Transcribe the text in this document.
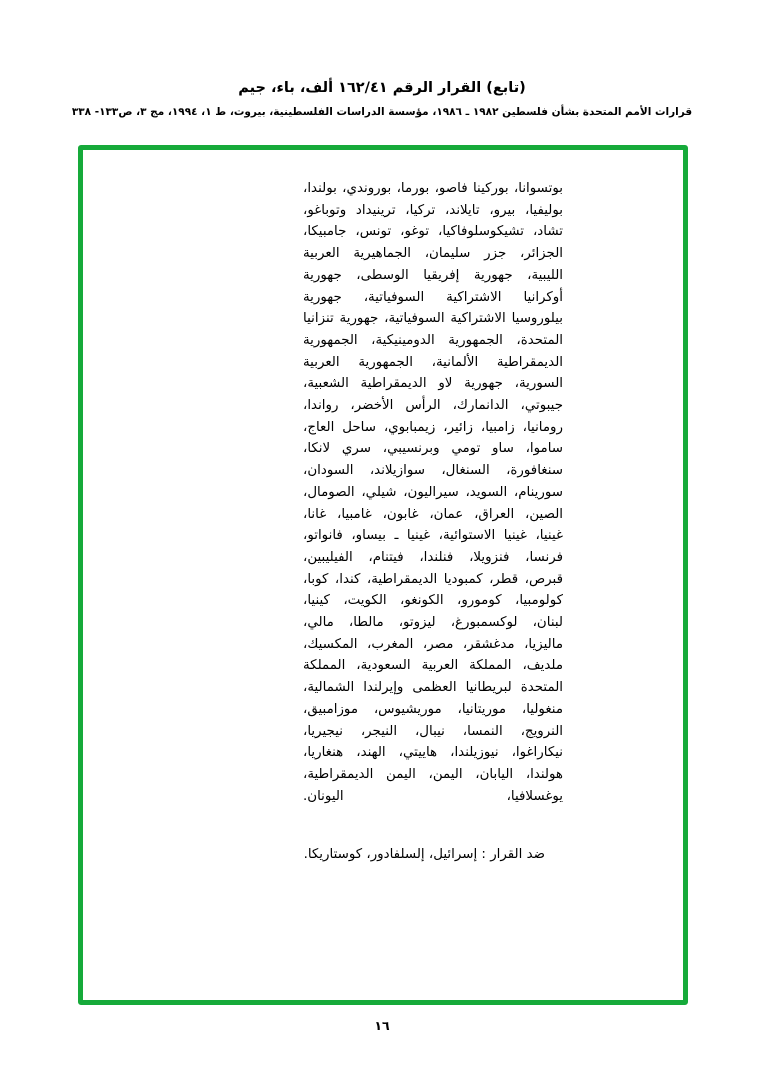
(تابع) القرار الرقم ١٦٢/٤١ ألف، باء، جيم
قرارات الأمم المتحدة بشأن فلسطين ١٩٨٢ ـ ١٩٨٦، مؤسسة الدراسات الفلسطينية، بيروت، ط ١، ١٩٩٤، مج ٣، ص١٣٣- ٣٣٨
بوتسوانا، بوركينا فاصو، بورما، بوروندي، بولندا، بوليفيا، بيرو، تايلاند، تركيا، ترينيداد وتوباغو، تشاد، تشيكوسلوفاكيا، توغو، تونس، جامبيكا، الجزائر، جزر سليمان، الجماهيرية العربية الليبية، جهورية إفريقيا الوسطى، جهورية أوكرانيا الاشتراكية السوفياتية، جهورية بيلوروسيا الاشتراكية السوفياتية، جهورية تنزانيا المتحدة، الجمهورية الدومينيكية، الجمهورية الديمقراطية الألمانية، الجمهورية العربية السورية، جهورية لاو الديمقراطية الشعبية، جيبوتي، الدانمارك، الرأس الأخضر، رواندا، رومانيا، زامبيا، زائير، زيمبابوي، ساحل العاج، ساموا، ساو تومي وبرنسيبي، سري لانكا، سنغافورة، السنغال، سوازيلاند، السودان، سورينام، السويد، سيراليون، شيلي، الصومال، الصين، العراق، عمان، غابون، غامبيا، غانا، غينيا، غينيا الاستوائية، غينيا ـ بيساو، فانواتو، فرنسا، فنزويلا، فنلندا، فيتنام، الفيليبين، قبرص، قطر، كمبوديا الديمقراطية، كندا، كوبا، كولومبيا، كومورو، الكونغو، الكويت، كينيا، لبنان، لوكسمبورغ، ليزوتو، مالطا، مالي، ماليزيا، مدغشقر، مصر، المغرب، المكسيك، ملديف، المملكة العربية السعودية، المملكة المتحدة لبريطانيا العظمى وإيرلندا الشمالية، منغوليا، موريتانيا، موريشيوس، موزامبيق، النرويج، النمسا، نيبال، النيجر، نيجيريا، نيكاراغوا، نيوزيلندا، هاييتي، الهند، هنغاريا، هولندا، اليابان، اليمن، اليمن الديمقراطية، يوغسلافيا، اليونان.
ضد القرار : إسرائيل، إلسلفادور، كوستاريكا.
١٦
